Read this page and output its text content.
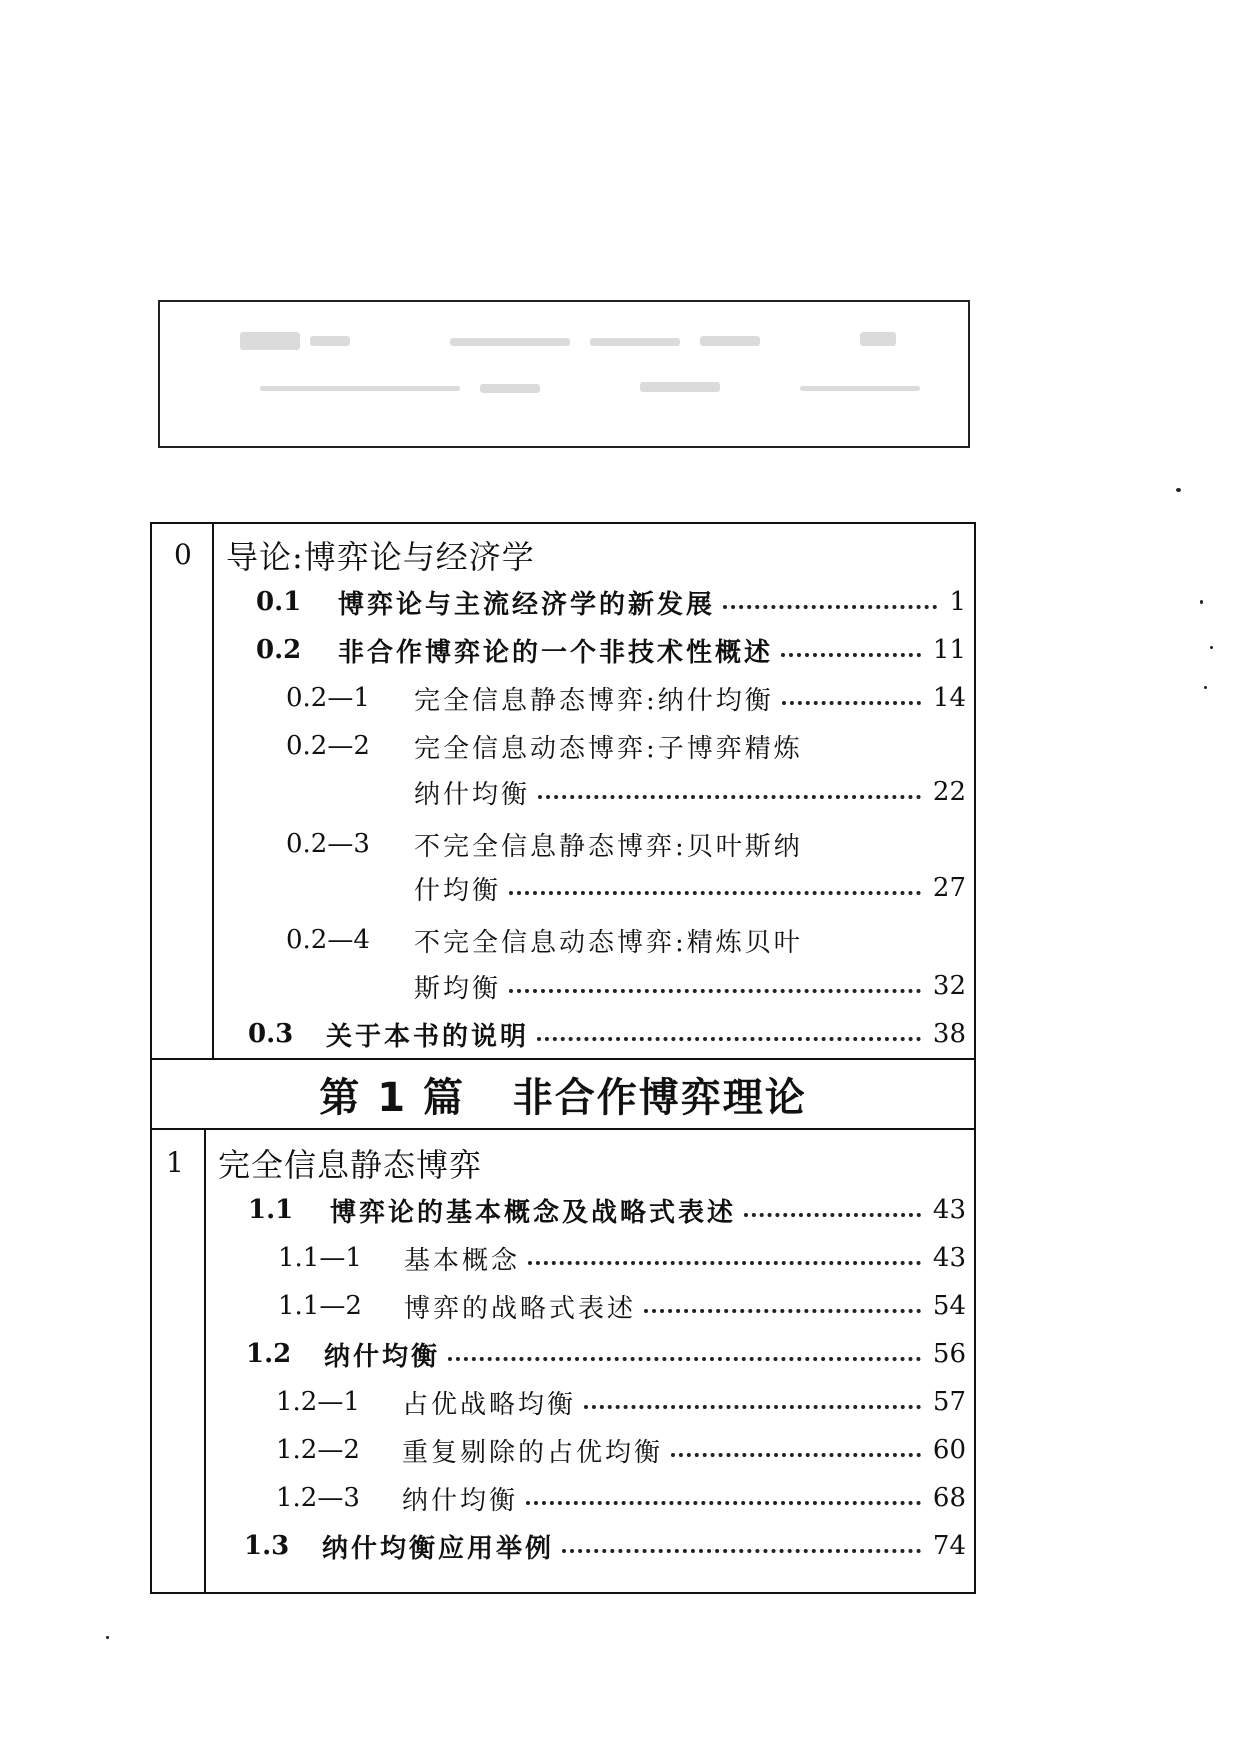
第 1 篇   非合作博弈理论
0 导论:博弈论与经济学
0.1	博弈论与主流经济学的新发展	1
0.2	非合作博弈论的一个非技术性概述	11
0.2—1	完全信息静态博弈:纳什均衡	14
0.2—2	完全信息动态博弈:子博弈精炼
纳什均衡	22
0.2—3	不完全信息静态博弈:贝叶斯纳
什均衡	27
0.2—4	不完全信息动态博弈:精炼贝叶
斯均衡	32
0.3	关于本书的说明	38
1 完全信息静态博弈
1.1	博弈论的基本概念及战略式表述	43
1.1—1	基本概念	43
1.1—2	博弈的战略式表述	54
1.2	纳什均衡	56
1.2—1	占优战略均衡	57
1.2—2	重复剔除的占优均衡	60
1.2—3	纳什均衡	68
1.3	纳什均衡应用举例	74
